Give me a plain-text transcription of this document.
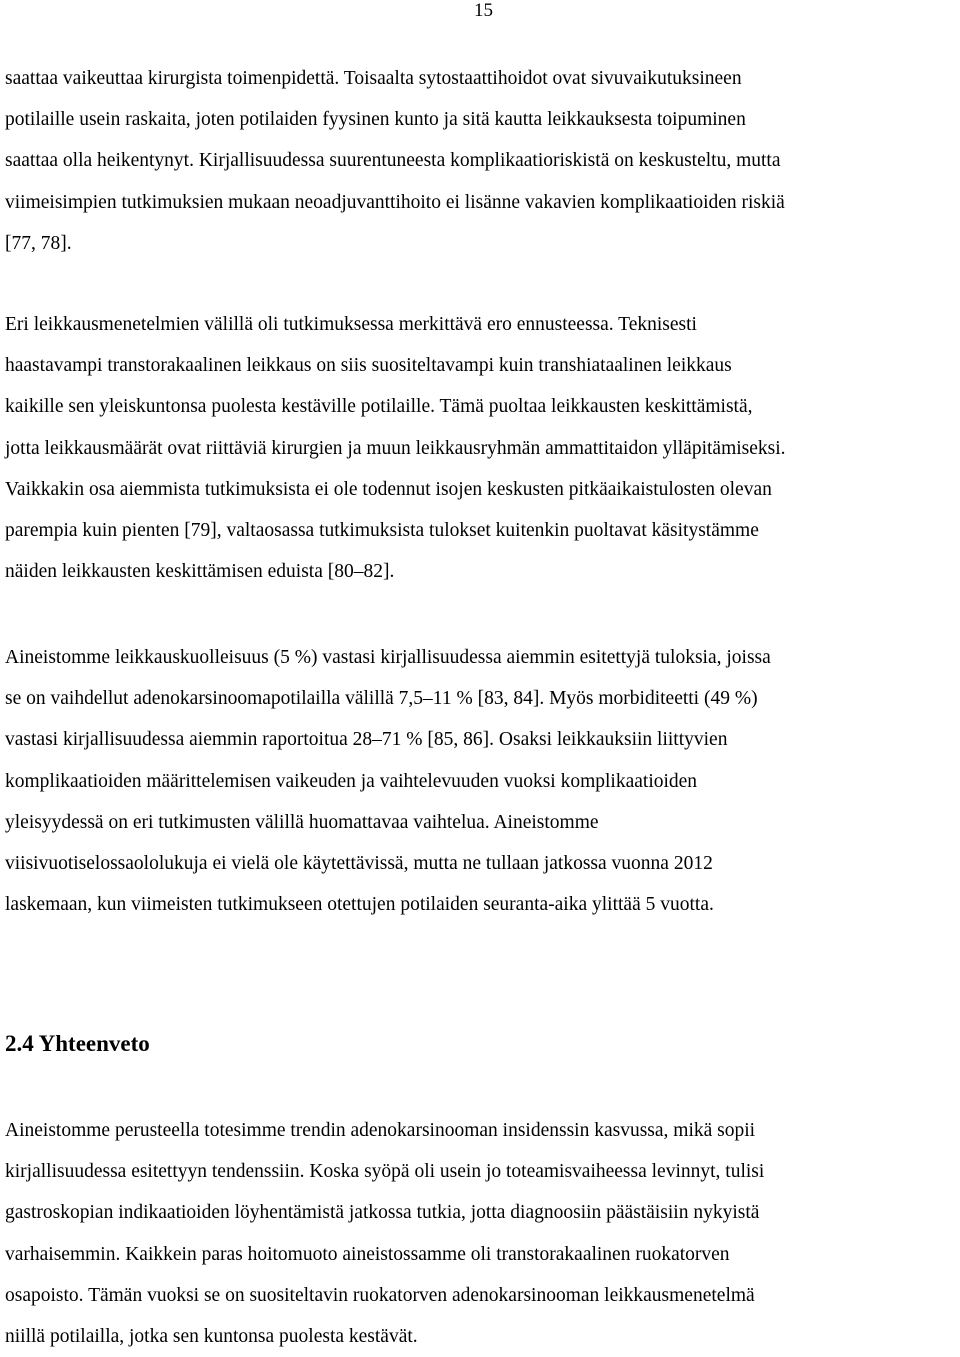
15
saattaa vaikeuttaa kirurgista toimenpidettä. Toisaalta sytostaattihoidot ovat sivuvaikutuksineen
potilaille usein raskaita, joten potilaiden fyysinen kunto ja sitä kautta leikkauksesta toipuminen
saattaa olla heikentynyt. Kirjallisuudessa suurentuneesta komplikaatioriskistä on keskusteltu, mutta
viimeisimpien tutkimuksien mukaan neoadjuvanttihoito ei lisänne vakavien komplikaatioiden riskiä
[77, 78].
Eri leikkausmenetelmien välillä oli tutkimuksessa merkittävä ero ennusteessa. Teknisesti
haastavampi transtorakaalinen leikkaus on siis suositeltavampi kuin transhiataalinen leikkaus
kaikille sen yleiskuntonsa puolesta kestäville potilaille. Tämä puoltaa leikkausten keskittämistä,
jotta leikkausmäärät ovat riittäviä kirurgien ja muun leikkausryhmän ammattitaidon ylläpitämiseksi.
Vaikkakin osa aiemmista tutkimuksista ei ole todennut isojen keskusten pitkäaikaistulosten olevan
parempia kuin pienten [79], valtaosassa tutkimuksista tulokset kuitenkin puoltavat käsitystämme
näiden leikkausten keskittämisen eduista [80–82].
Aineistomme leikkauskuolleisuus (5 %) vastasi kirjallisuudessa aiemmin esitettyjä tuloksia, joissa
se on vaihdellut adenokarsinoomapotilailla välillä 7,5–11 % [83, 84]. Myös morbiditeetti (49 %)
vastasi kirjallisuudessa aiemmin raportoitua 28–71 % [85, 86]. Osaksi leikkauksiin liittyvien
komplikaatioiden määrittelemisen vaikeuden ja vaihtelevuuden vuoksi komplikaatioiden
yleisyydessä on eri tutkimusten välillä huomattavaa vaihtelua. Aineistomme
viisivuotiselossaololukuja ei vielä ole käytettävissä, mutta ne tullaan jatkossa vuonna 2012
laskemaan, kun viimeisten tutkimukseen otettujen potilaiden seuranta-aika ylittää 5 vuotta.
2.4 Yhteenveto
Aineistomme perusteella totesimme trendin adenokarsinooman insidenssin kasvussa, mikä sopii
kirjallisuudessa esitettyyn tendenssiin. Koska syöpä oli usein jo toteamisvaiheessa levinnyt, tulisi
gastroskopian indikaatioiden löyhentämistä jatkossa tutkia, jotta diagnoosiin päästäisiin nykyistä
varhaisemmin. Kaikkein paras hoitomuoto aineistossamme oli transtorakaalinen ruokatorven
osapoisto. Tämän vuoksi se on suositeltavin ruokatorven adenokarsinooman leikkausmenetelmä
niillä potilailla, jotka sen kuntonsa puolesta kestävät.
